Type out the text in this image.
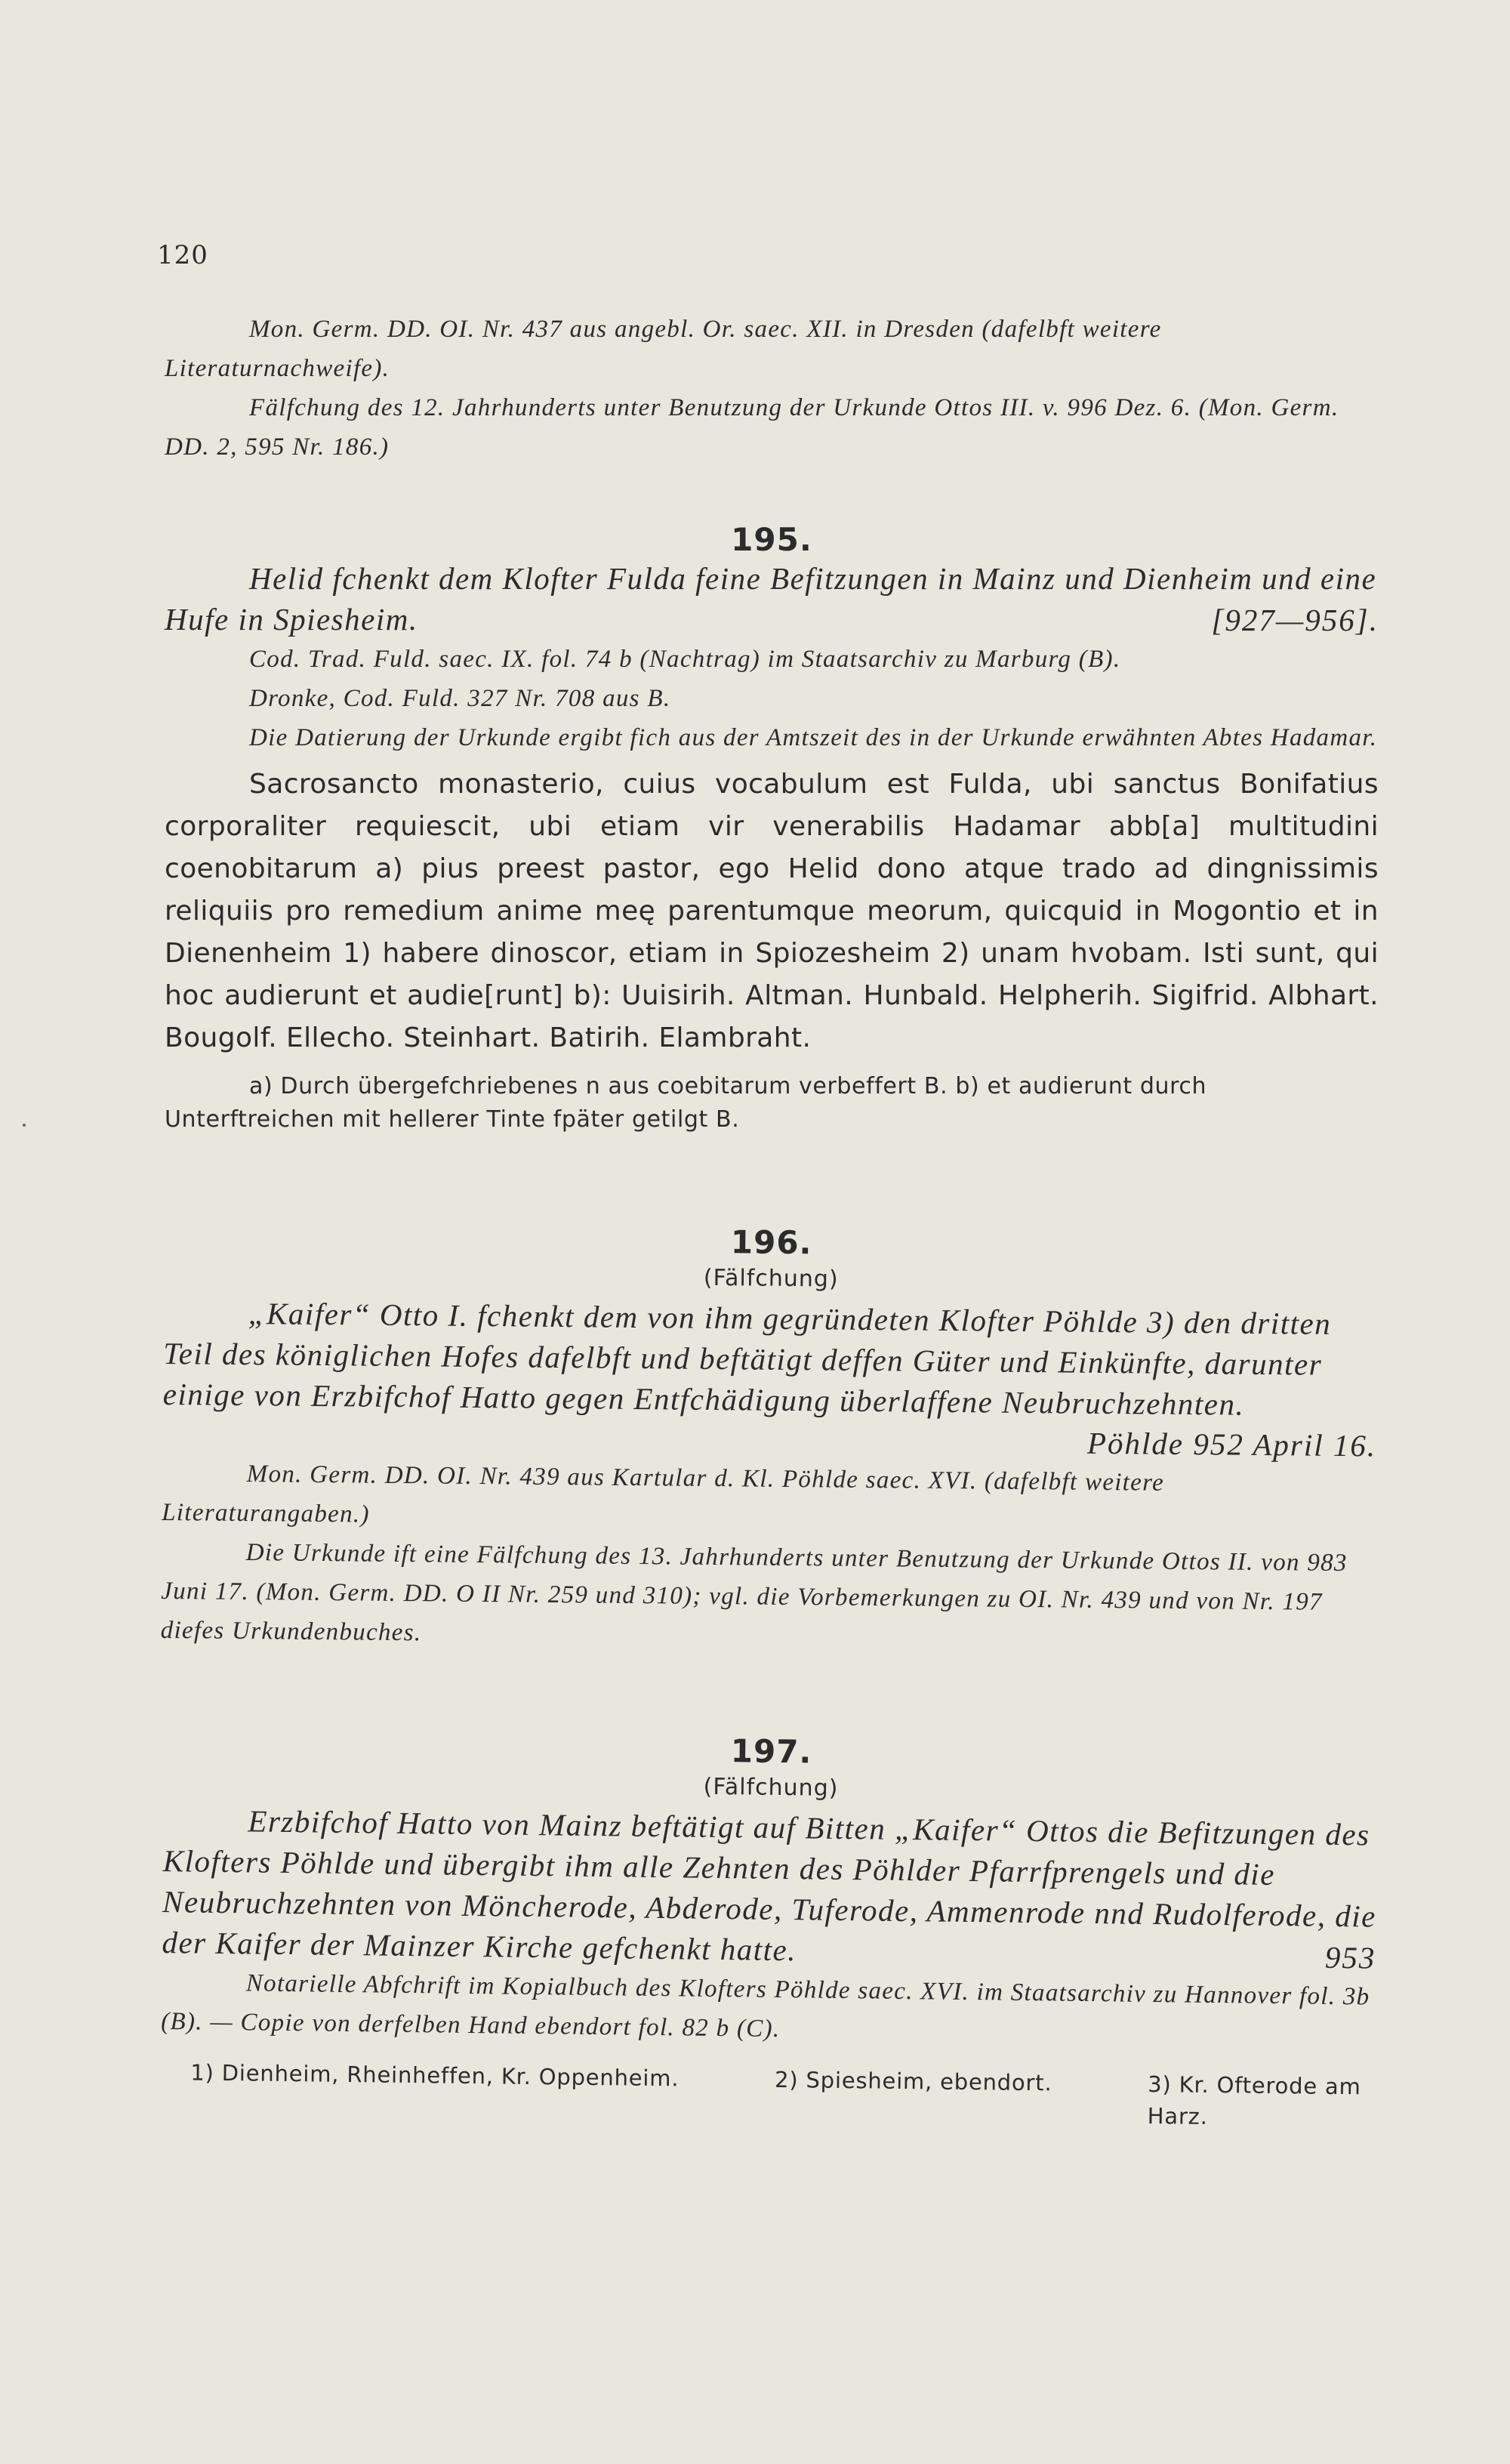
120

Mon. Germ. DD. OI. Nr. 437 aus angebl. Or. saec. XII. in Dresden (dafelbft weitere Literaturnachweife).

Fälfchung des 12. Jahrhunderts unter Benutzung der Urkunde Ottos III. v. 996 Dez. 6. (Mon. Germ. DD. 2, 595 Nr. 186.)

195.

Helid fchenkt dem Klofter Fulda feine Befitzungen in Mainz und Dienheim und eine Hufe in Spiesheim.	[927—956].

Cod. Trad. Fuld. saec. IX. fol. 74 b (Nachtrag) im Staatsarchiv zu Marburg (B).

Dronke, Cod. Fuld. 327 Nr. 708 aus B.

Die Datierung der Urkunde ergibt fich aus der Amtszeit des in der Urkunde erwähnten Abtes Hadamar.

Sacrosancto monasterio, cuius vocabulum est Fulda, ubi sanctus Bonifatius corporaliter requiescit, ubi etiam vir venerabilis Hadamar abb[a] multitudini coenobitarum a) pius preest pastor, ego Helid dono atque trado ad dingnissimis reliquiis pro remedium anime meę parentumque meorum, quicquid in Mogontio et in Dienenheim 1) habere dinoscor, etiam in Spiozesheim 2) unam hvobam. Isti sunt, qui hoc audierunt et audie[runt] b): Uuisirih. Altman. Hunbald. Helpherih. Sigifrid. Albhart. Bougolf. Ellecho. Steinhart. Batirih. Elambraht.

a) Durch übergefchriebenes n aus coebitarum verbeffert B. b) et audierunt durch Unterftreichen mit hellerer Tinte fpäter getilgt B.

196.

(Fälfchung)

„Kaifer“ Otto I. fchenkt dem von ihm gegründeten Klofter Pöhlde 3) den dritten Teil des königlichen Hofes dafelbft und beftätigt deffen Güter und Einkünfte, darunter einige von Erzbifchof Hatto gegen Entfchädigung überlaffene Neubruchzehnten.

Pöhlde 952 April 16.

Mon. Germ. DD. OI. Nr. 439 aus Kartular d. Kl. Pöhlde saec. XVI. (dafelbft weitere Literaturangaben.)

Die Urkunde ift eine Fälfchung des 13. Jahrhunderts unter Benutzung der Urkunde Ottos II. von 983 Juni 17. (Mon. Germ. DD. O II Nr. 259 und 310); vgl. die Vorbemerkungen zu OI. Nr. 439 und von Nr. 197 diefes Urkundenbuches.

197.

(Fälfchung)

Erzbifchof Hatto von Mainz beftätigt auf Bitten „Kaifer“ Ottos die Befitzungen des Klofters Pöhlde und übergibt ihm alle Zehnten des Pöhlder Pfarrfprengels und die Neubruchzehnten von Möncherode, Abderode, Tuferode, Ammenrode nnd Rudolferode, die der Kaifer der Mainzer Kirche gefchenkt hatte.	953

Notarielle Abfchrift im Kopialbuch des Klofters Pöhlde saec. XVI. im Staatsarchiv zu Hannover fol. 3b (B). — Copie von derfelben Hand ebendort fol. 82 b (C).

1) Dienheim, Rheinheffen, Kr. Oppenheim.	2) Spiesheim, ebendort.	3) Kr. Ofterode am Harz.
